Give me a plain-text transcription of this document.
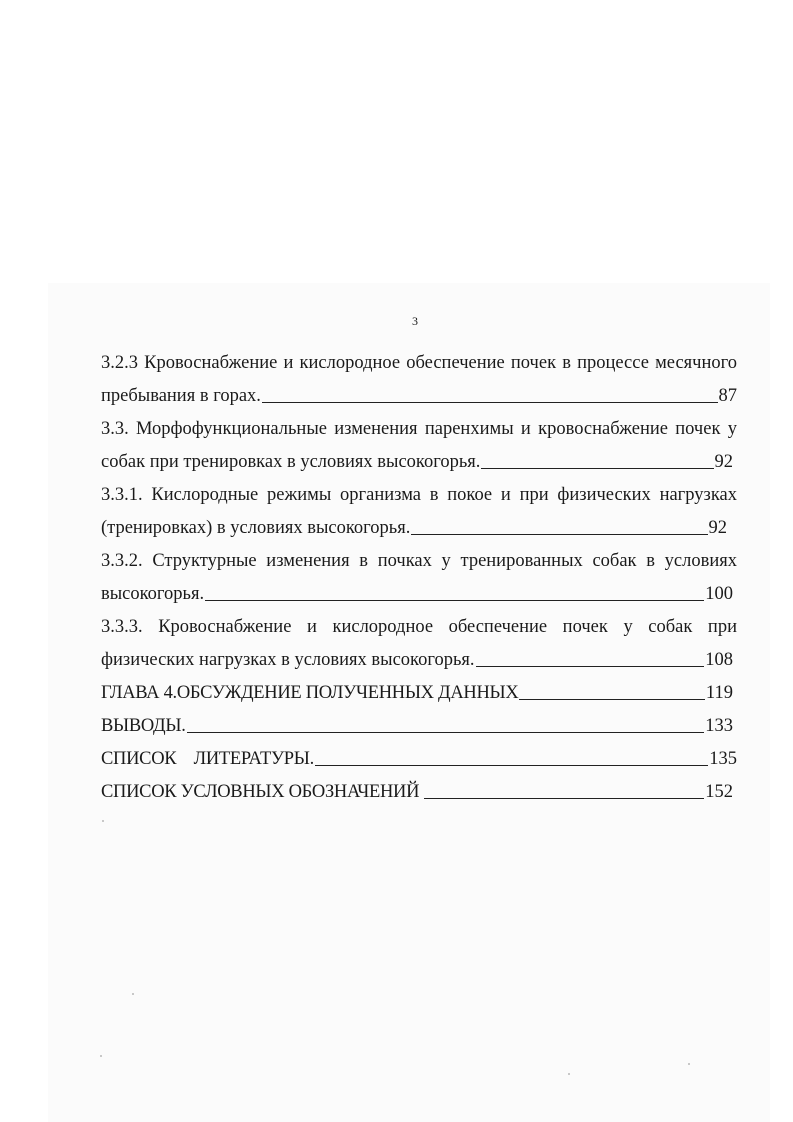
3
3.2.3 Кровоснабжение и кислородное обеспечение почек в процессе месячного
пребывания в горах.	87
3.3. Морфофункциональные изменения паренхимы и кровоснабжение почек у
собак при тренировках в условиях высокогорья.	92
3.3.1. Кислородные режимы организма в покое и при физических нагрузках
(тренировках) в условиях высокогорья.	92
3.3.2. Структурные изменения в почках у тренированных собак в условиях
высокогорья.	100
3.3.3. Кровоснабжение и кислородное обеспечение почек у собак при
физических нагрузках в условиях высокогорья.	108
ГЛАВА 4.ОБСУЖДЕНИЕ ПОЛУЧЕННЫХ ДАННЫХ	119
ВЫВОДЫ.	133
СПИСОК    ЛИТЕРАТУРЫ.	135
СПИСОК УСЛОВНЫХ ОБОЗНАЧЕНИЙ	152
